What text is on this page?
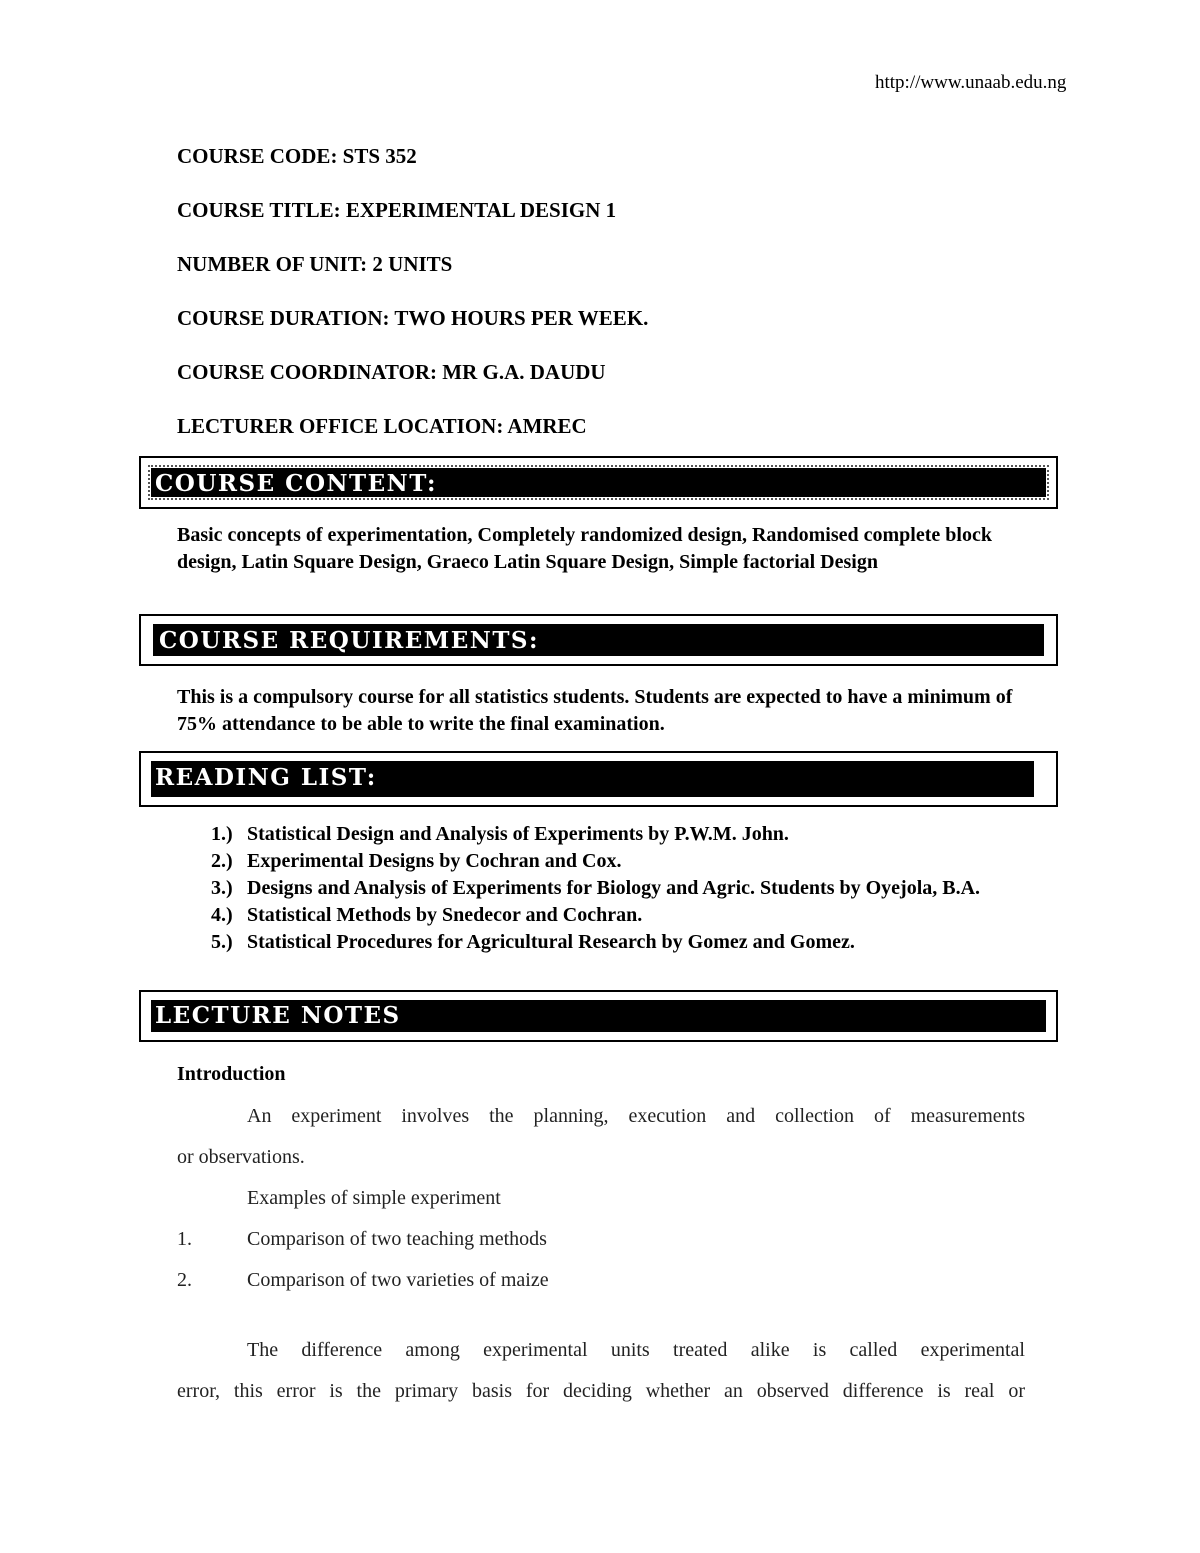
http://www.unaab.edu.ng
COURSE CODE: STS 352
COURSE TITLE: EXPERIMENTAL DESIGN 1
NUMBER OF UNIT: 2 UNITS
COURSE DURATION: TWO HOURS PER WEEK.
COURSE COORDINATOR: MR G.A. DAUDU
LECTURER OFFICE LOCATION: AMREC
COURSE CONTENT:
Basic concepts of experimentation, Completely randomized design, Randomised complete block design, Latin Square Design, Graeco Latin Square Design, Simple factorial Design
COURSE REQUIREMENTS:
This is a compulsory course for all statistics students. Students are expected to have a minimum of 75% attendance to be able to write the final examination.
READING LIST:
1.) Statistical Design and Analysis of Experiments by P.W.M. John.
2.) Experimental Designs by Cochran and Cox.
3.) Designs and Analysis of Experiments for Biology and Agric. Students by Oyejola, B.A.
4.) Statistical Methods by Snedecor and Cochran.
5.) Statistical Procedures for Agricultural Research by Gomez and Gomez.
LECTURE NOTES
Introduction
An experiment involves the planning, execution and collection of measurements
or observations.
Examples of simple experiment
1.	Comparison of two teaching methods
2.	Comparison of two varieties of maize
The difference among experimental units treated alike is called experimental
error, this error is the primary basis for deciding whether an observed difference is real or
